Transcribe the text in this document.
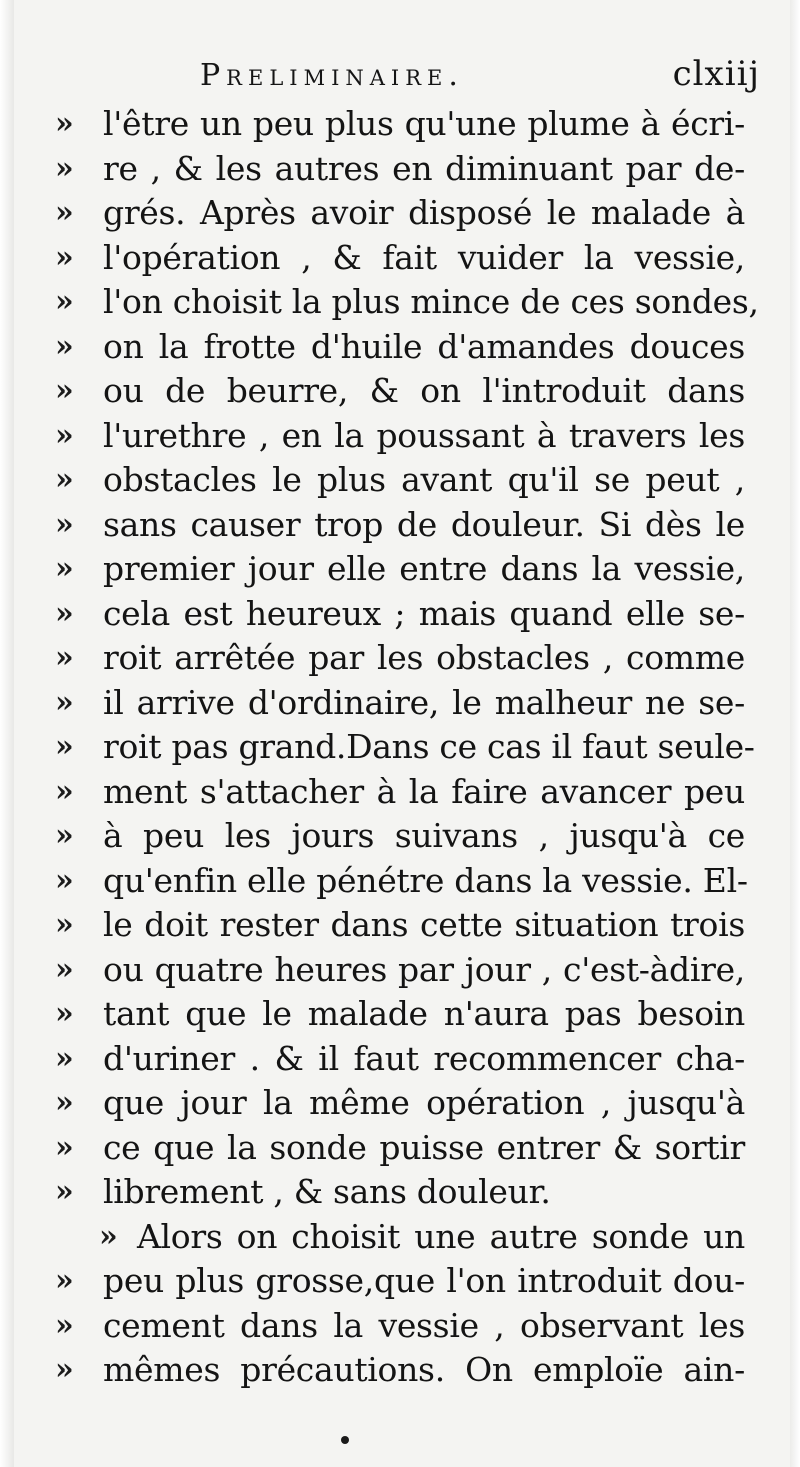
Preliminaire.	clxiij
» l'être un peu plus qu'une plume à écri-
» re , & les autres en diminuant par de-
» grés. Après avoir disposé le malade à
» l'opération , & fait vuider la vessie,
» l'on choisit la plus mince de ces sondes,
» on la frotte d'huile d'amandes douces
» ou de beurre, & on l'introduit dans
» l'urethre , en la poussant à travers les
» obstacles le plus avant qu'il se peut ,
» sans causer trop de douleur. Si dès le
» premier jour elle entre dans la vessie,
» cela est heureux ; mais quand elle se-
» roit arrêtée par les obstacles , comme
» il arrive d'ordinaire, le malheur ne se-
» roit pas grand.Dans ce cas il faut seule-
» ment s'attacher à la faire avancer peu
» à peu les jours suivans , jusqu'à ce
» qu'enfin elle pénétre dans la vessie. El-
» le doit rester dans cette situation trois
» ou quatre heures par jour , c'est-àdire,
» tant que le malade n'aura pas besoin
» d'uriner . & il faut recommencer cha-
» que jour la même opération , jusqu'à
» ce que la sonde puisse entrer & sortir
» librement , & sans douleur.
» Alors on choisit une autre sonde un
» peu plus grosse,que l'on introduit dou-
» cement dans la vessie , observant les
» mêmes précautions. On emploïe ain-
